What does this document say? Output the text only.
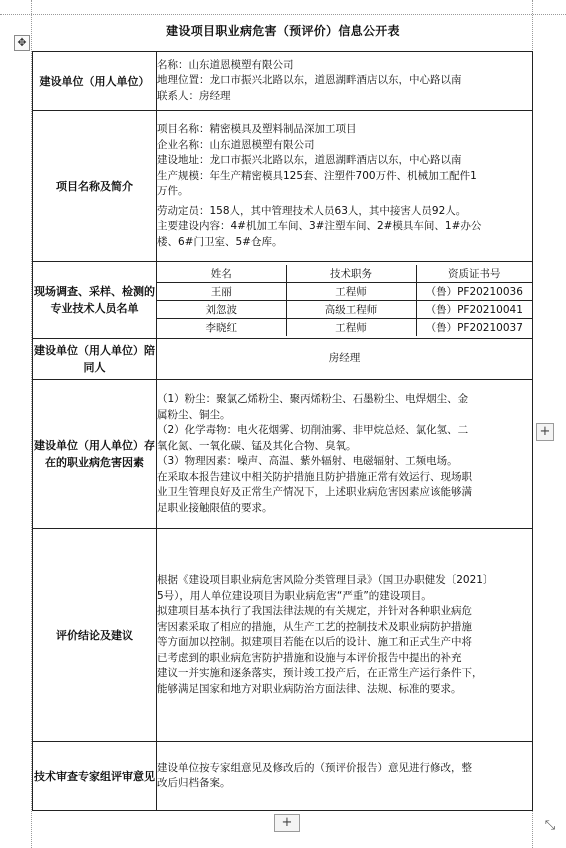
✥
建设项目职业病危害（预评价）信息公开表
建设单位（用人单位）	
名称：山东道恩模塑有限公司
地理位置：龙口市振兴北路以东，道恩湖畔酒店以东，中心路以南
联系人：房经理

项目名称及简介	
项目名称：精密模具及塑料制品深加工项目
企业名称：山东道恩模塑有限公司
建设地址：龙口市振兴北路以东，道恩湖畔酒店以东，中心路以南
生产规模：年生产精密模具125套、注塑件700万件、机械加工配件1
万件。
劳动定员：158人，其中管理技术人员63人，其中接害人员92人。
主要建设内容：4#机加工车间、3#注塑车间、2#模具车间、1#办公
楼、6#门卫室、5#仓库。

现场调查、采样、检测的专业技术人员名单	
姓名	技术职务	资质证书号
王丽	工程师	（鲁）PF20210036
刘忽波	高级工程师	（鲁）PF20210041
李晓红	工程师	（鲁）PF20210037

建设单位（用人单位）陪同人	房经理
建设单位（用人单位）存在的职业病危害因素	
（1）粉尘：聚氯乙烯粉尘、聚丙烯粉尘、石墨粉尘、电焊烟尘、金
属粉尘、铜尘。
（2）化学毒物：电火花烟雾、切削油雾、非甲烷总烃、氯化氢、二
氧化氮、一氧化碳、锰及其化合物、臭氧。
（3）物理因素：噪声、高温、紫外辐射、电磁辐射、工频电场。
在采取本报告建议中相关防护措施且防护措施正常有效运行、现场职
业卫生管理良好及正常生产情况下，上述职业病危害因素应该能够满
足职业接触限值的要求。

评价结论及建议	
根据《建设项目职业病危害风险分类管理目录》（国卫办职健发〔2021〕
5号），用人单位建设项目为职业病危害“严重”的建设项目。
拟建项目基本执行了我国法律法规的有关规定，并针对各种职业病危
害因素采取了相应的措施，从生产工艺的控制技术及职业病防护措施
等方面加以控制。拟建项目若能在以后的设计、施工和正式生产中将
已考虑到的职业病危害防护措施和设施与本评价报告中提出的补充
建议一并实施和逐条落实，预计竣工投产后，在正常生产运行条件下，
能够满足国家和地方对职业病防治方面法律、法规、标准的要求。

技术审查专家组评审意见	
建设单位按专家组意见及修改后的（预评价报告）意见进行修改，整
改后归档备案。
+
+	⤡
